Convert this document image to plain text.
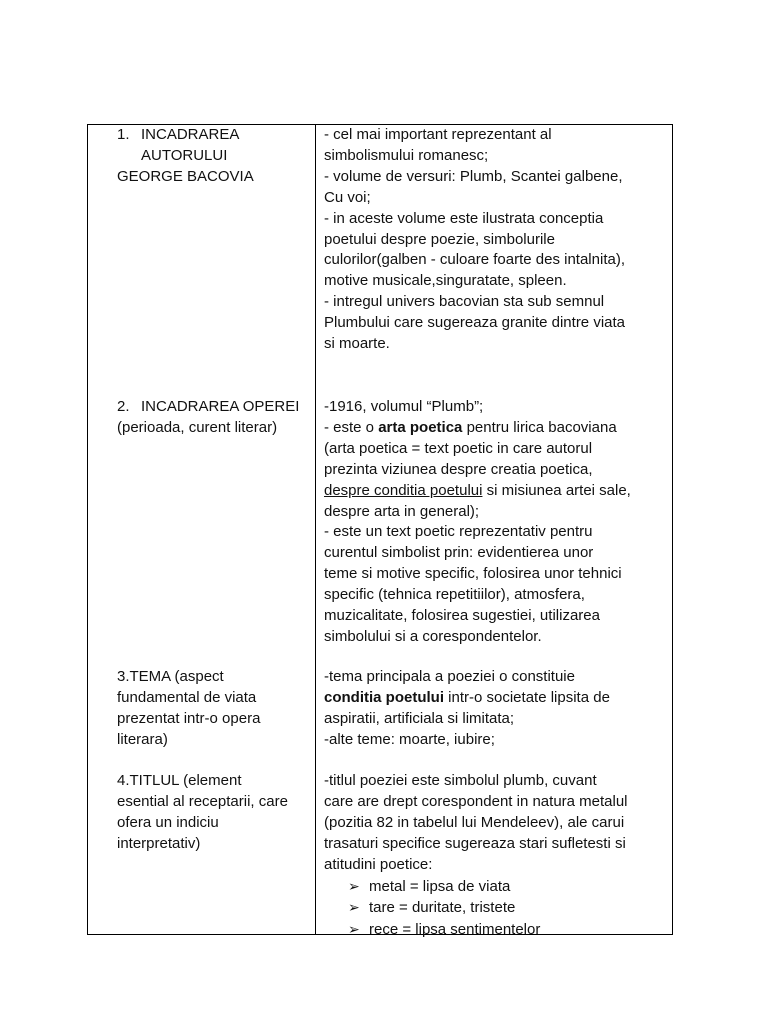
1. INCADRAREA
AUTORULUI
GEORGE BACOVIA
- cel mai important reprezentant al
simbolismului romanesc;
- volume de versuri: Plumb, Scantei galbene,
Cu voi;
- in aceste volume este ilustrata conceptia
poetului despre poezie, simbolurile
culorilor(galben - culoare foarte des intalnita),
motive musicale,singuratate, spleen.
- intregul univers bacovian sta sub semnul
Plumbului care sugereaza granite dintre viata
si moarte.
2. INCADRAREA OPEREI
(perioada, curent literar)
-1916, volumul “Plumb”;
- este o arta poetica pentru lirica bacoviana
(arta poetica = text poetic in care autorul
prezinta viziunea despre creatia poetica,
despre conditia poetului si misiunea artei sale,
despre arta in general);
- este un text poetic reprezentativ pentru
curentul simbolist prin: evidentierea unor
teme si motive specific, folosirea unor tehnici
specific (tehnica repetitiilor), atmosfera,
muzicalitate, folosirea sugestiei, utilizarea
simbolului si a corespondentelor.
3.TEMA (aspect
fundamental de viata
prezentat intr-o opera
literara)
-tema principala a poeziei o constituie
conditia poetului intr-o societate lipsita de
aspiratii, artificiala si limitata;
-alte teme: moarte, iubire;
4.TITLUL (element
esential al receptarii, care
ofera un indiciu
interpretativ)
-titlul poeziei este simbolul plumb, cuvant
care are drept corespondent in natura metalul
(pozitia 82 in tabelul lui Mendeleev), ale carui
trasaturi specifice sugereaza stari sufletesti si
atitudini poetice:
➢ metal = lipsa de viata
➢ tare = duritate, tristete
➢ rece = lipsa sentimentelor
